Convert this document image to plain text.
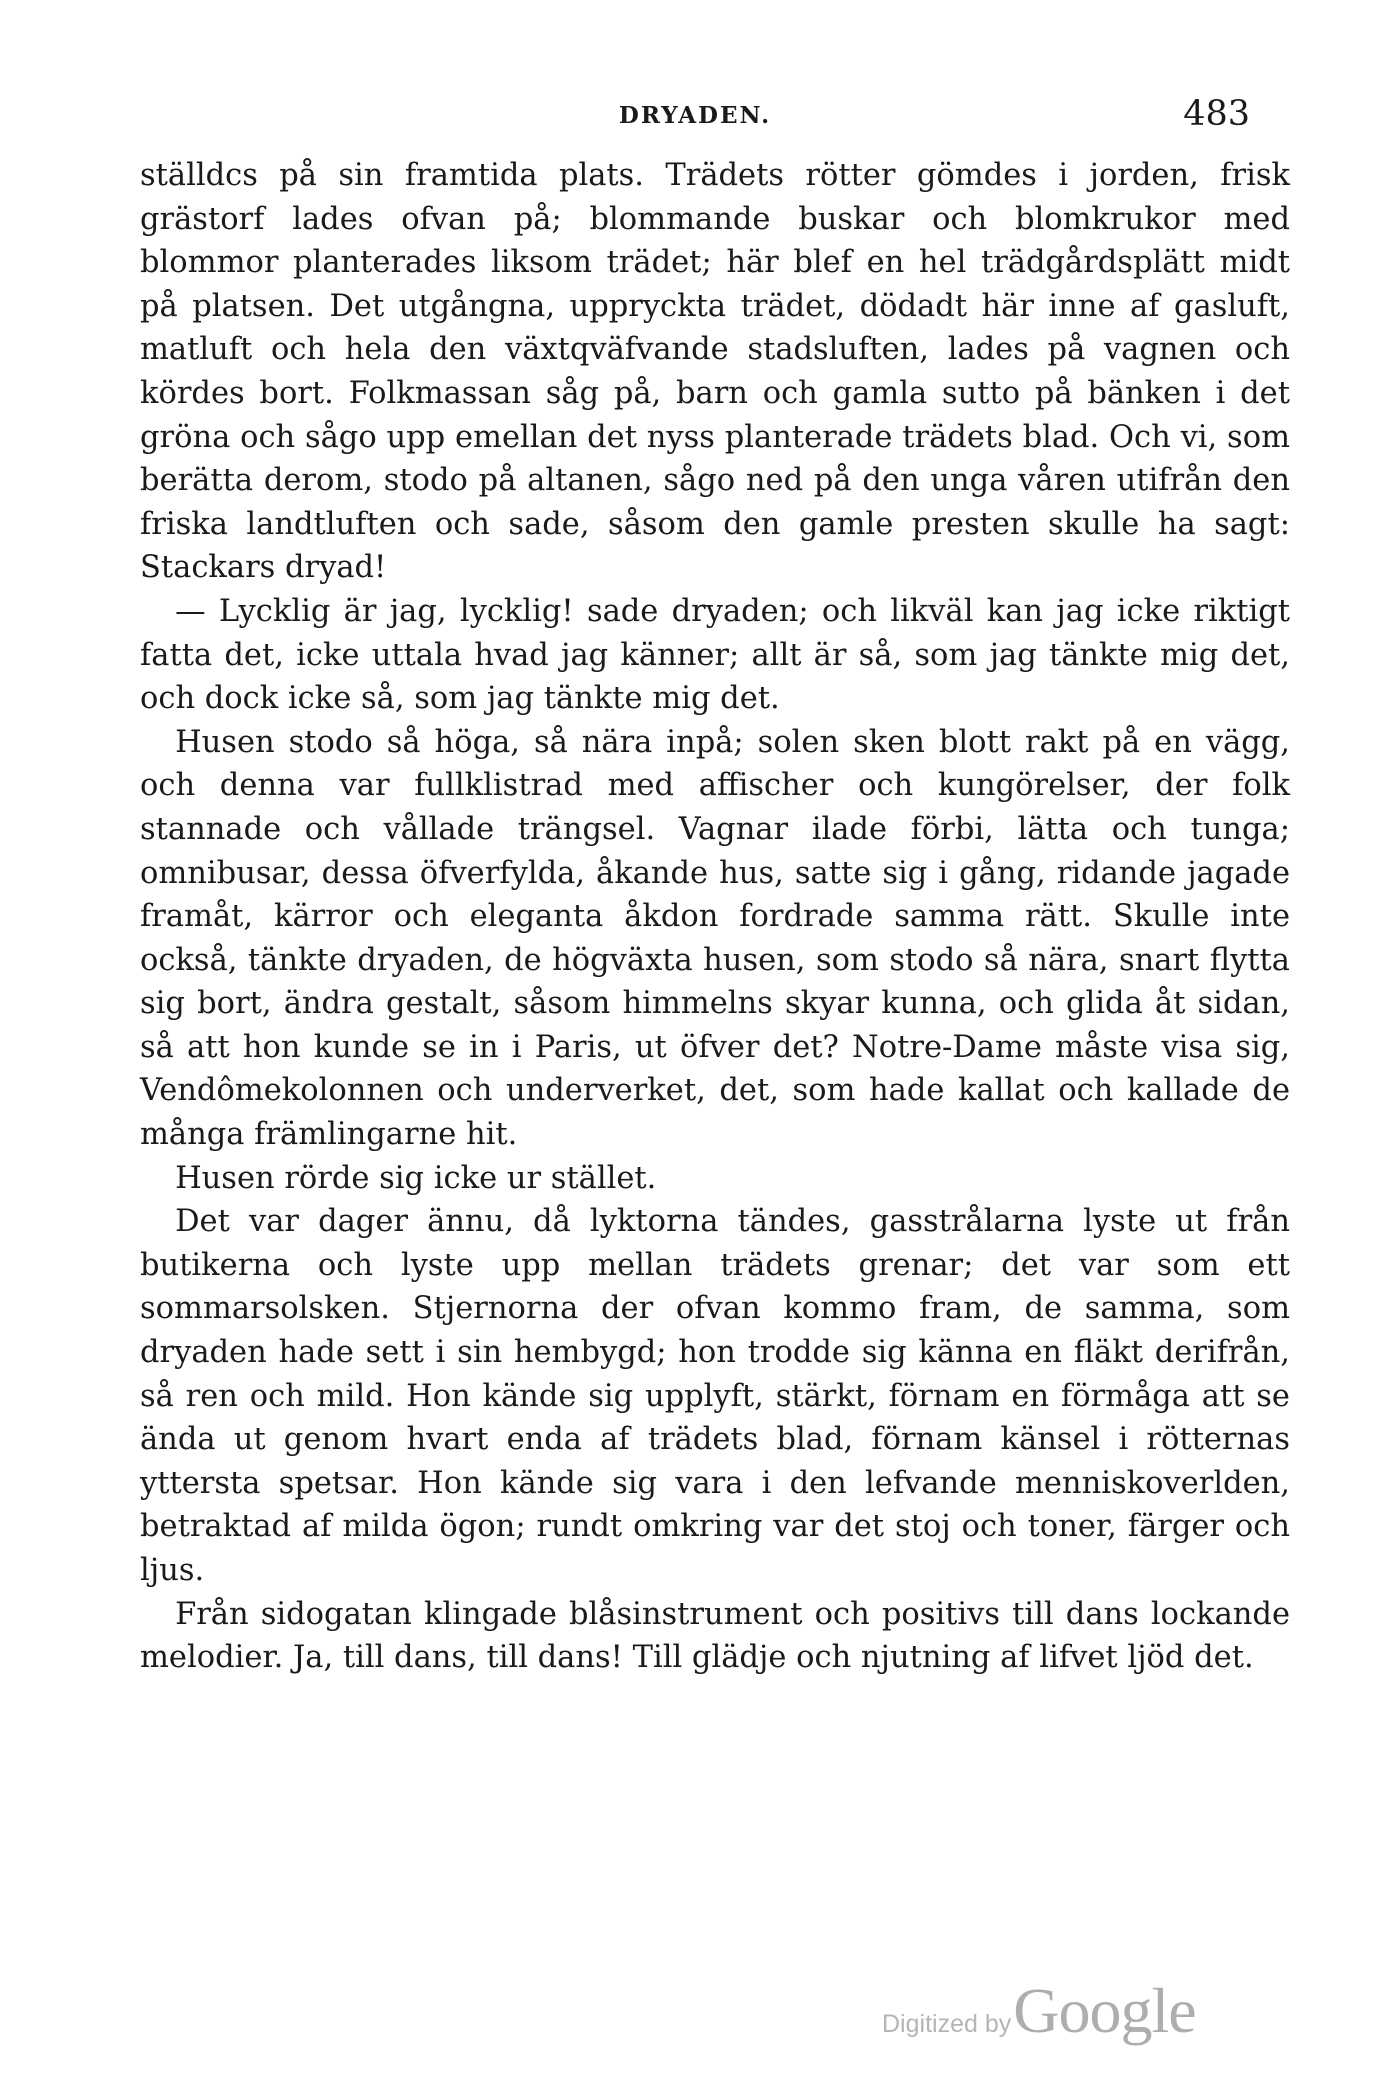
DRYADEN.	483

ställdcs på sin framtida plats. Trädets rötter gömdes i jorden, frisk grästorf lades ofvan på; blommande buskar och blomkrukor med blommor planterades liksom trädet; här blef en hel trädgårdsplätt midt på platsen. Det utgångna, uppryckta trädet, dödadt här inne af gasluft, matluft och hela den växtqväfvande stadsluften, lades på vagnen och kördes bort. Folkmassan såg på, barn och gamla sutto på bänken i det gröna och sågo upp emellan det nyss planterade trädets blad. Och vi, som berätta derom, stodo på altanen, sågo ned på den unga våren utifrån den friska landtluften och sade, såsom den gamle presten skulle ha sagt: Stackars dryad!

— Lycklig är jag, lycklig! sade dryaden; och likväl kan jag icke riktigt fatta det, icke uttala hvad jag känner; allt är så, som jag tänkte mig det, och dock icke så, som jag tänkte mig det.

Husen stodo så höga, så nära inpå; solen sken blott rakt på en vägg, och denna var fullklistrad med affischer och kungörelser, der folk stannade och vållade trängsel. Vagnar ilade förbi, lätta och tunga; omnibusar, dessa öfverfylda, åkande hus, satte sig i gång, ridande jagade framåt, kärror och eleganta åkdon fordrade samma rätt. Skulle inte också, tänkte dryaden, de högväxta husen, som stodo så nära, snart flytta sig bort, ändra gestalt, såsom himmelns skyar kunna, och glida åt sidan, så att hon kunde se in i Paris, ut öfver det? Notre-Dame måste visa sig, Vendômekolonnen och underverket, det, som hade kallat och kallade de många främlingarne hit.

Husen rörde sig icke ur stället.

Det var dager ännu, då lyktorna tändes, gasstrålarna lyste ut från butikerna och lyste upp mellan trädets grenar; det var som ett sommarsolsken. Stjernorna der ofvan kommo fram, de samma, som dryaden hade sett i sin hembygd; hon trodde sig känna en fläkt derifrån, så ren och mild. Hon kände sig upplyft, stärkt, förnam en förmåga att se ända ut genom hvart enda af trädets blad, förnam känsel i rötternas yttersta spetsar. Hon kände sig vara i den lefvande menniskoverlden, betraktad af milda ögon; rundt omkring var det stoj och toner, färger och ljus.

Från sidogatan klingade blåsinstrument och positivs till dans lockande melodier. Ja, till dans, till dans! Till glädje och njutning af lifvet ljöd det.

Digitized byGoogle
